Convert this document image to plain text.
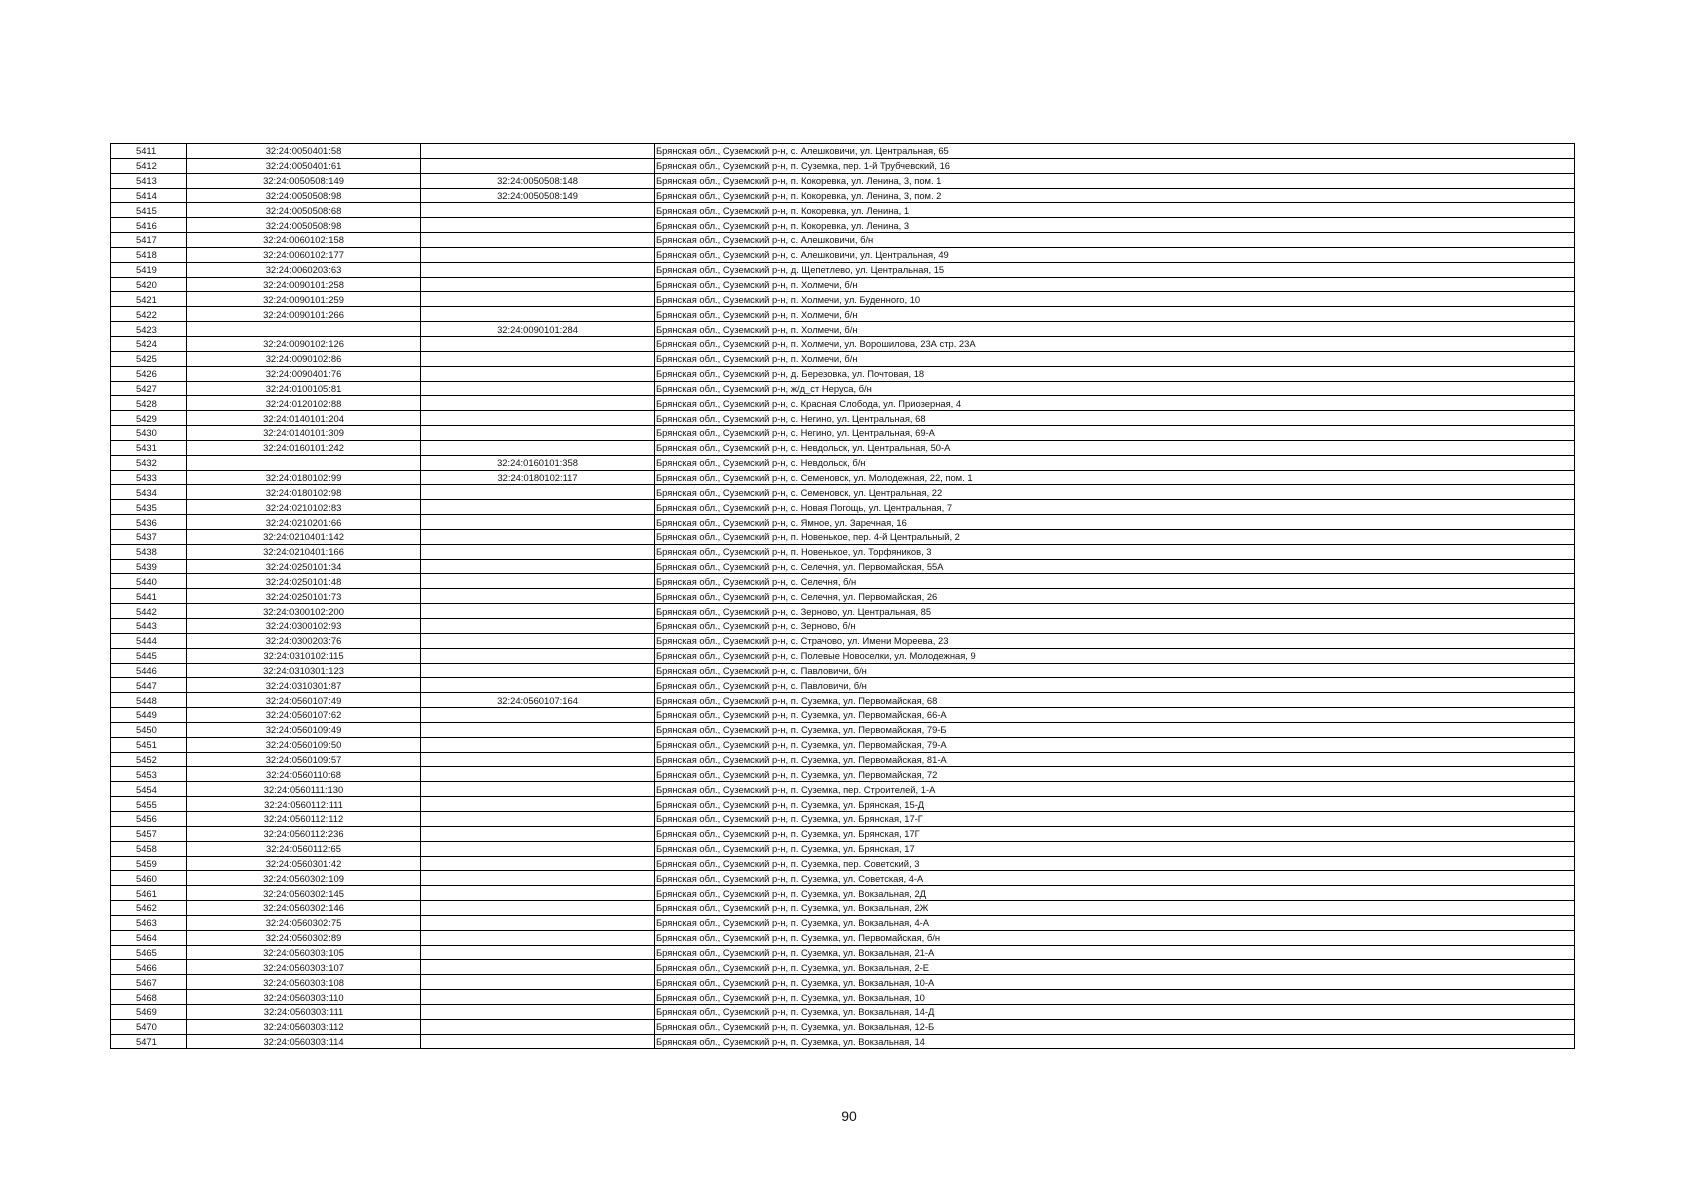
5411	32:24:0050401:58		Брянская обл., Суземский р-н, с. Алешковичи, ул. Центральная, 65
5412	32:24:0050401:61		Брянская обл., Суземский р-н, п. Суземка, пер. 1-й Трубчевский, 16
5413	32:24:0050508:149	32:24:0050508:148	Брянская обл., Суземский р-н, п. Кокоревка, ул. Ленина, 3, пом. 1
5414	32:24:0050508:98	32:24:0050508:149	Брянская обл., Суземский р-н, п. Кокоревка, ул. Ленина, 3, пом. 2
5415	32:24:0050508:68		Брянская обл., Суземский р-н, п. Кокоревка, ул. Ленина, 1
5416	32:24:0050508:98		Брянская обл., Суземский р-н, п. Кокоревка, ул. Ленина, 3
5417	32:24:0060102:158		Брянская обл., Суземский р-н, с. Алешковичи, б/н
5418	32:24:0060102:177		Брянская обл., Суземский р-н, с. Алешковичи, ул. Центральная, 49
5419	32:24:0060203:63		Брянская обл., Суземский р-н, д. Щепетлево, ул. Центральная, 15
5420	32:24:0090101:258		Брянская обл., Суземский р-н, п. Холмечи, б/н
5421	32:24:0090101:259		Брянская обл., Суземский р-н, п. Холмечи, ул. Буденного, 10
5422	32:24:0090101:266		Брянская обл., Суземский р-н, п. Холмечи, б/н
5423		32:24:0090101:284	Брянская обл., Суземский р-н, п. Холмечи, б/н
5424	32:24:0090102:126		Брянская обл., Суземский р-н, п. Холмечи, ул. Ворошилова, 23А стр. 23А
5425	32:24:0090102:86		Брянская обл., Суземский р-н, п. Холмечи, б/н
5426	32:24:0090401:76		Брянская обл., Суземский р-н, д. Березовка, ул. Почтовая, 18
5427	32:24:0100105:81		Брянская обл., Суземский р-н, ж/д_ст Неруса, б/н
5428	32:24:0120102:88		Брянская обл., Суземский р-н, с. Красная Слобода, ул. Приозерная, 4
5429	32:24:0140101:204		Брянская обл., Суземский р-н, с. Негино, ул. Центральная, 68
5430	32:24:0140101:309		Брянская обл., Суземский р-н, с. Негино, ул. Центральная, 69-А
5431	32:24:0160101:242		Брянская обл., Суземский р-н, с. Невдольск, ул. Центральная, 50-А
5432		32:24:0160101:358	Брянская обл., Суземский р-н, с. Невдольск, б/н
5433	32:24:0180102:99	32:24:0180102:117	Брянская обл., Суземский р-н, с. Семеновск, ул. Молодежная, 22, пом. 1
5434	32:24:0180102:98		Брянская обл., Суземский р-н, с. Семеновск, ул. Центральная, 22
5435	32:24:0210102:83		Брянская обл., Суземский р-н, с. Новая Погощь, ул. Центральная, 7
5436	32:24:0210201:66		Брянская обл., Суземский р-н, с. Ямное, ул. Заречная, 16
5437	32:24:0210401:142		Брянская обл., Суземский р-н, п. Новенькое, пер. 4-й Центральный, 2
5438	32:24:0210401:166		Брянская обл., Суземский р-н, п. Новенькое, ул. Торфяников, 3
5439	32:24:0250101:34		Брянская обл., Суземский р-н, с. Селечня, ул. Первомайская, 55А
5440	32:24:0250101:48		Брянская обл., Суземский р-н, с. Селечня, б/н
5441	32:24:0250101:73		Брянская обл., Суземский р-н, с. Селечня, ул. Первомайская, 26
5442	32:24:0300102:200		Брянская обл., Суземский р-н, с. Зерново, ул. Центральная, 85
5443	32:24:0300102:93		Брянская обл., Суземский р-н, с. Зерново, б/н
5444	32:24:0300203:76		Брянская обл., Суземский р-н, с. Страчово, ул. Имени Мореева, 23
5445	32:24:0310102:115		Брянская обл., Суземский р-н, с. Полевые Новоселки, ул. Молодежная, 9
5446	32:24:0310301:123		Брянская обл., Суземский р-н, с. Павловичи, б/н
5447	32:24:0310301:87		Брянская обл., Суземский р-н, с. Павловичи, б/н
5448	32:24:0560107:49	32:24:0560107:164	Брянская обл., Суземский р-н, п. Суземка, ул. Первомайская, 68
5449	32:24:0560107:62		Брянская обл., Суземский р-н, п. Суземка, ул. Первомайская, 66-А
5450	32:24:0560109:49		Брянская обл., Суземский р-н, п. Суземка, ул. Первомайская, 79-Б
5451	32:24:0560109:50		Брянская обл., Суземский р-н, п. Суземка, ул. Первомайская, 79-А
5452	32:24:0560109:57		Брянская обл., Суземский р-н, п. Суземка, ул. Первомайская, 81-А
5453	32:24:0560110:68		Брянская обл., Суземский р-н, п. Суземка, ул. Первомайская, 72
5454	32:24:0560111:130		Брянская обл., Суземский р-н, п. Суземка, пер. Строителей, 1-А
5455	32:24:0560112:111		Брянская обл., Суземский р-н, п. Суземка, ул. Брянская, 15-Д
5456	32:24:0560112:112		Брянская обл., Суземский р-н, п. Суземка, ул. Брянская, 17-Г
5457	32:24:0560112:236		Брянская обл., Суземский р-н, п. Суземка, ул. Брянская, 17Г
5458	32:24:0560112:65		Брянская обл., Суземский р-н, п. Суземка, ул. Брянская, 17
5459	32:24:0560301:42		Брянская обл., Суземский р-н, п. Суземка, пер. Советский, 3
5460	32:24:0560302:109		Брянская обл., Суземский р-н, п. Суземка, ул. Советская, 4-А
5461	32:24:0560302:145		Брянская обл., Суземский р-н, п. Суземка, ул. Вокзальная, 2Д
5462	32:24:0560302:146		Брянская обл., Суземский р-н, п. Суземка, ул. Вокзальная, 2Ж
5463	32:24:0560302:75		Брянская обл., Суземский р-н, п. Суземка, ул. Вокзальная, 4-А
5464	32:24:0560302:89		Брянская обл., Суземский р-н, п. Суземка, ул. Первомайская, б/н
5465	32:24:0560303:105		Брянская обл., Суземский р-н, п. Суземка, ул. Вокзальная, 21-А
5466	32:24:0560303:107		Брянская обл., Суземский р-н, п. Суземка, ул. Вокзальная, 2-Е
5467	32:24:0560303:108		Брянская обл., Суземский р-н, п. Суземка, ул. Вокзальная, 10-А
5468	32:24:0560303:110		Брянская обл., Суземский р-н, п. Суземка, ул. Вокзальная, 10
5469	32:24:0560303:111		Брянская обл., Суземский р-н, п. Суземка, ул. Вокзальная, 14-Д
5470	32:24:0560303:112		Брянская обл., Суземский р-н, п. Суземка, ул. Вокзальная, 12-Б
5471	32:24:0560303:114		Брянская обл., Суземский р-н, п. Суземка, ул. Вокзальная, 14
90
